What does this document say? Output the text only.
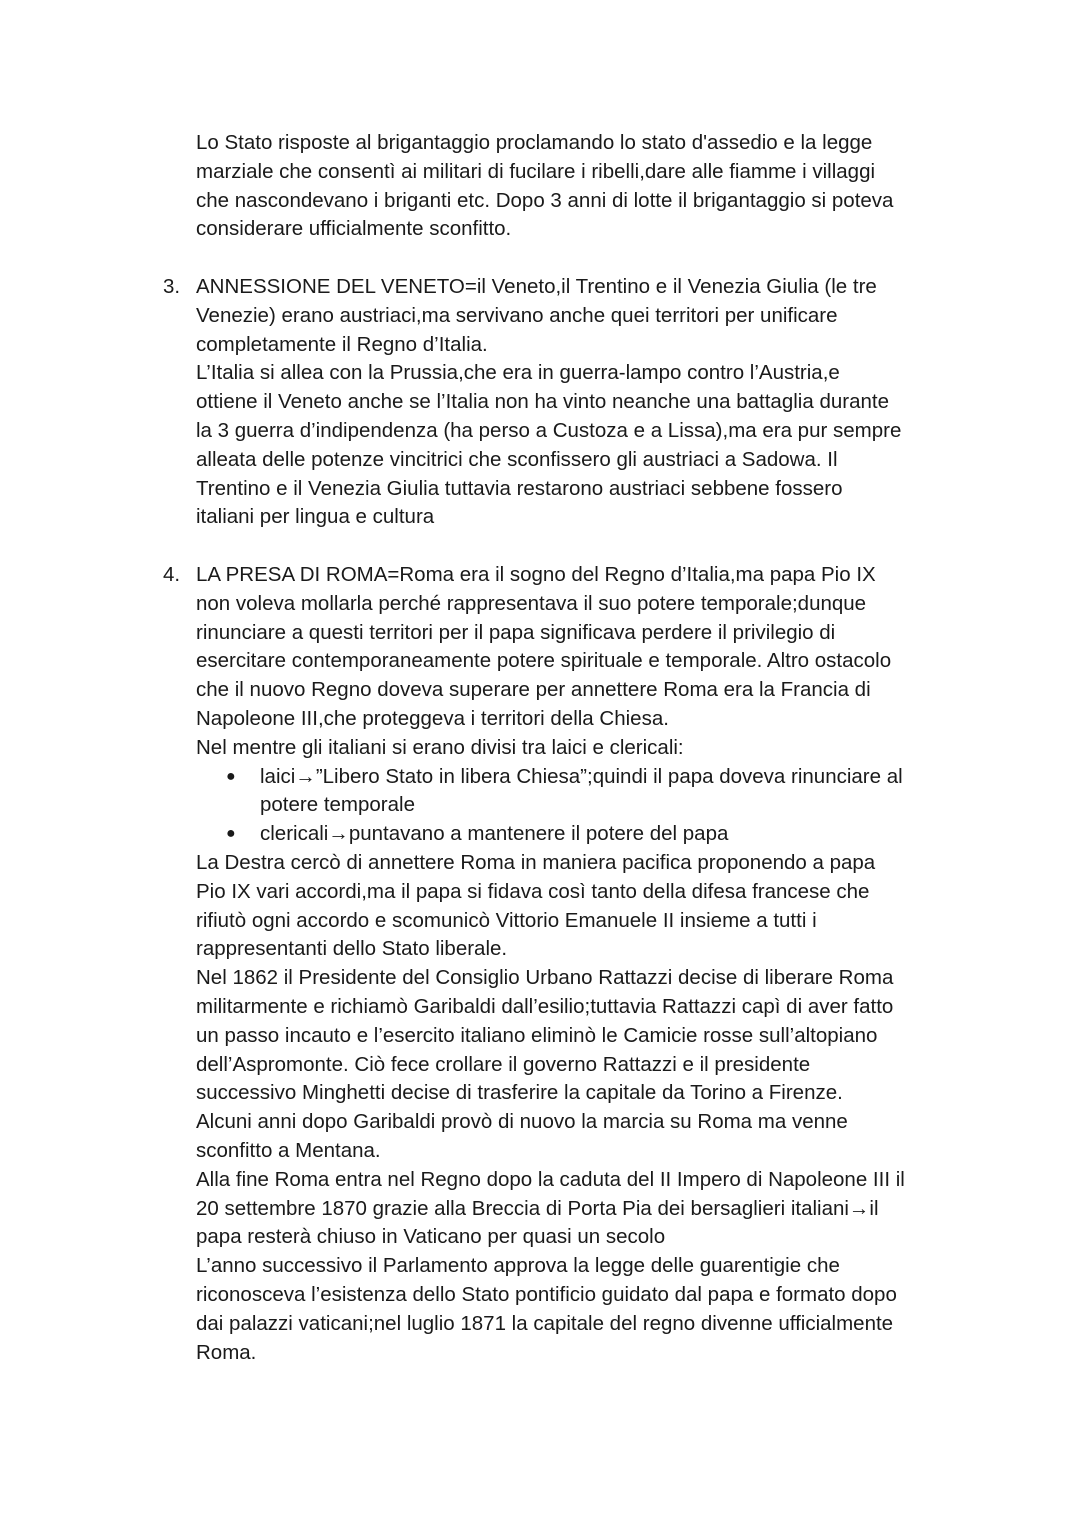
Lo Stato risposte al brigantaggio proclamando lo stato d'assedio e la legge
marziale che consentì ai militari di fucilare i ribelli,dare alle fiamme i villaggi
che nascondevano i briganti etc. Dopo 3 anni di lotte il brigantaggio si poteva
considerare ufficialmente sconfitto.
3. ANNESSIONE DEL VENETO=il Veneto,il Trentino e il Venezia Giulia (le tre
Venezie) erano austriaci,ma servivano anche quei territori per unificare
completamente il Regno d’Italia.
L’Italia si allea con la Prussia,che era in guerra-lampo contro l’Austria,e
ottiene il Veneto anche se l’Italia non ha vinto neanche una battaglia durante
la 3 guerra d’indipendenza (ha perso a Custoza e a Lissa),ma era pur sempre
alleata delle potenze vincitrici che sconfissero gli austriaci a Sadowa. Il
Trentino e il Venezia Giulia tuttavia restarono austriaci sebbene fossero
italiani per lingua e cultura
4. LA PRESA DI ROMA=Roma era il sogno del Regno d’Italia,ma papa Pio IX
non voleva mollarla perché rappresentava il suo potere temporale;dunque
rinunciare a questi territori per il papa significava perdere il privilegio di
esercitare contemporaneamente potere spirituale e temporale. Altro ostacolo
che il nuovo Regno doveva superare per annettere Roma era la Francia di
Napoleone III,che proteggeva i territori della Chiesa.
Nel mentre gli italiani si erano divisi tra laici e clericali:
● laici→”Libero Stato in libera Chiesa”;quindi il papa doveva rinunciare al
potere temporale
● clericali→puntavano a mantenere il potere del papa
La Destra cercò di annettere Roma in maniera pacifica proponendo a papa
Pio IX vari accordi,ma il papa si fidava così tanto della difesa francese che
rifiutò ogni accordo e scomunicò Vittorio Emanuele II insieme a tutti i
rappresentanti dello Stato liberale.
Nel 1862 il Presidente del Consiglio Urbano Rattazzi decise di liberare Roma
militarmente e richiamò Garibaldi dall’esilio;tuttavia Rattazzi capì di aver fatto
un passo incauto e l’esercito italiano eliminò le Camicie rosse sull’altopiano
dell’Aspromonte. Ciò fece crollare il governo Rattazzi e il presidente
successivo Minghetti decise di trasferire la capitale da Torino a Firenze.
Alcuni anni dopo Garibaldi provò di nuovo la marcia su Roma ma venne
sconfitto a Mentana.
Alla fine Roma entra nel Regno dopo la caduta del II Impero di Napoleone III il
20 settembre 1870 grazie alla Breccia di Porta Pia dei bersaglieri italiani→il
papa resterà chiuso in Vaticano per quasi un secolo
L’anno successivo il Parlamento approva la legge delle guarentigie che
riconosceva l’esistenza dello Stato pontificio guidato dal papa e formato dopo
dai palazzi vaticani;nel luglio 1871 la capitale del regno divenne ufficialmente
Roma.
